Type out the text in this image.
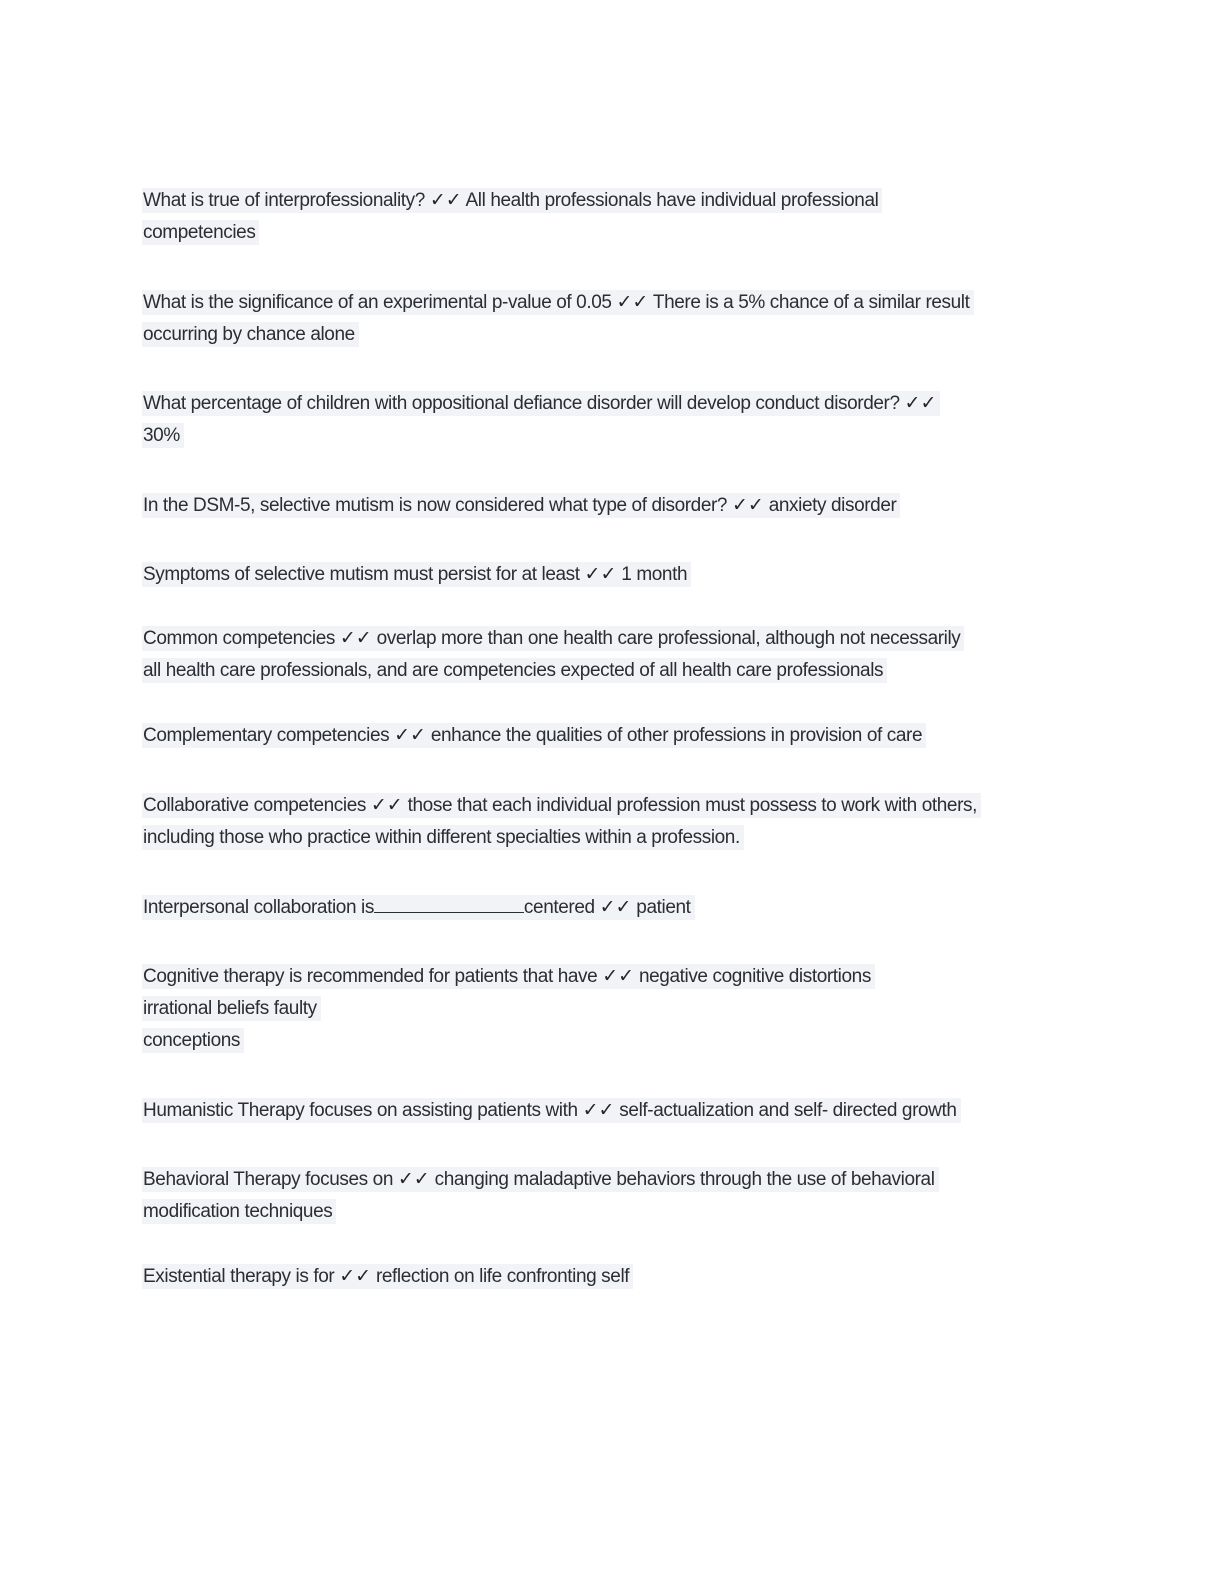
What is true of interprofessionality? ✓✓ All health professionals have individual professional
competencies
What is the significance of an experimental p-value of 0.05 ✓✓ There is a 5% chance of a similar result
occurring by chance alone
What percentage of children with oppositional defiance disorder will develop conduct disorder? ✓✓
30%
In the DSM-5, selective mutism is now considered what type of disorder? ✓✓ anxiety disorder
Symptoms of selective mutism must persist for at least ✓✓ 1 month
Common competencies ✓✓ overlap more than one health care professional, although not necessarily
all health care professionals, and are competencies expected of all health care professionals
Complementary competencies ✓✓ enhance the qualities of other professions in provision of care
Collaborative competencies ✓✓ those that each individual profession must possess to work with others,
including those who practice within different specialties within a profession.
Interpersonal collaboration is	centered ✓✓ patient
Cognitive therapy is recommended for patients that have ✓✓ negative cognitive distortions
irrational beliefs faulty
conceptions
Humanistic Therapy focuses on assisting patients with ✓✓ self-actualization and self- directed growth
Behavioral Therapy focuses on ✓✓ changing maladaptive behaviors through the use of behavioral
modification techniques
Existential therapy is for ✓✓ reflection on life confronting self
